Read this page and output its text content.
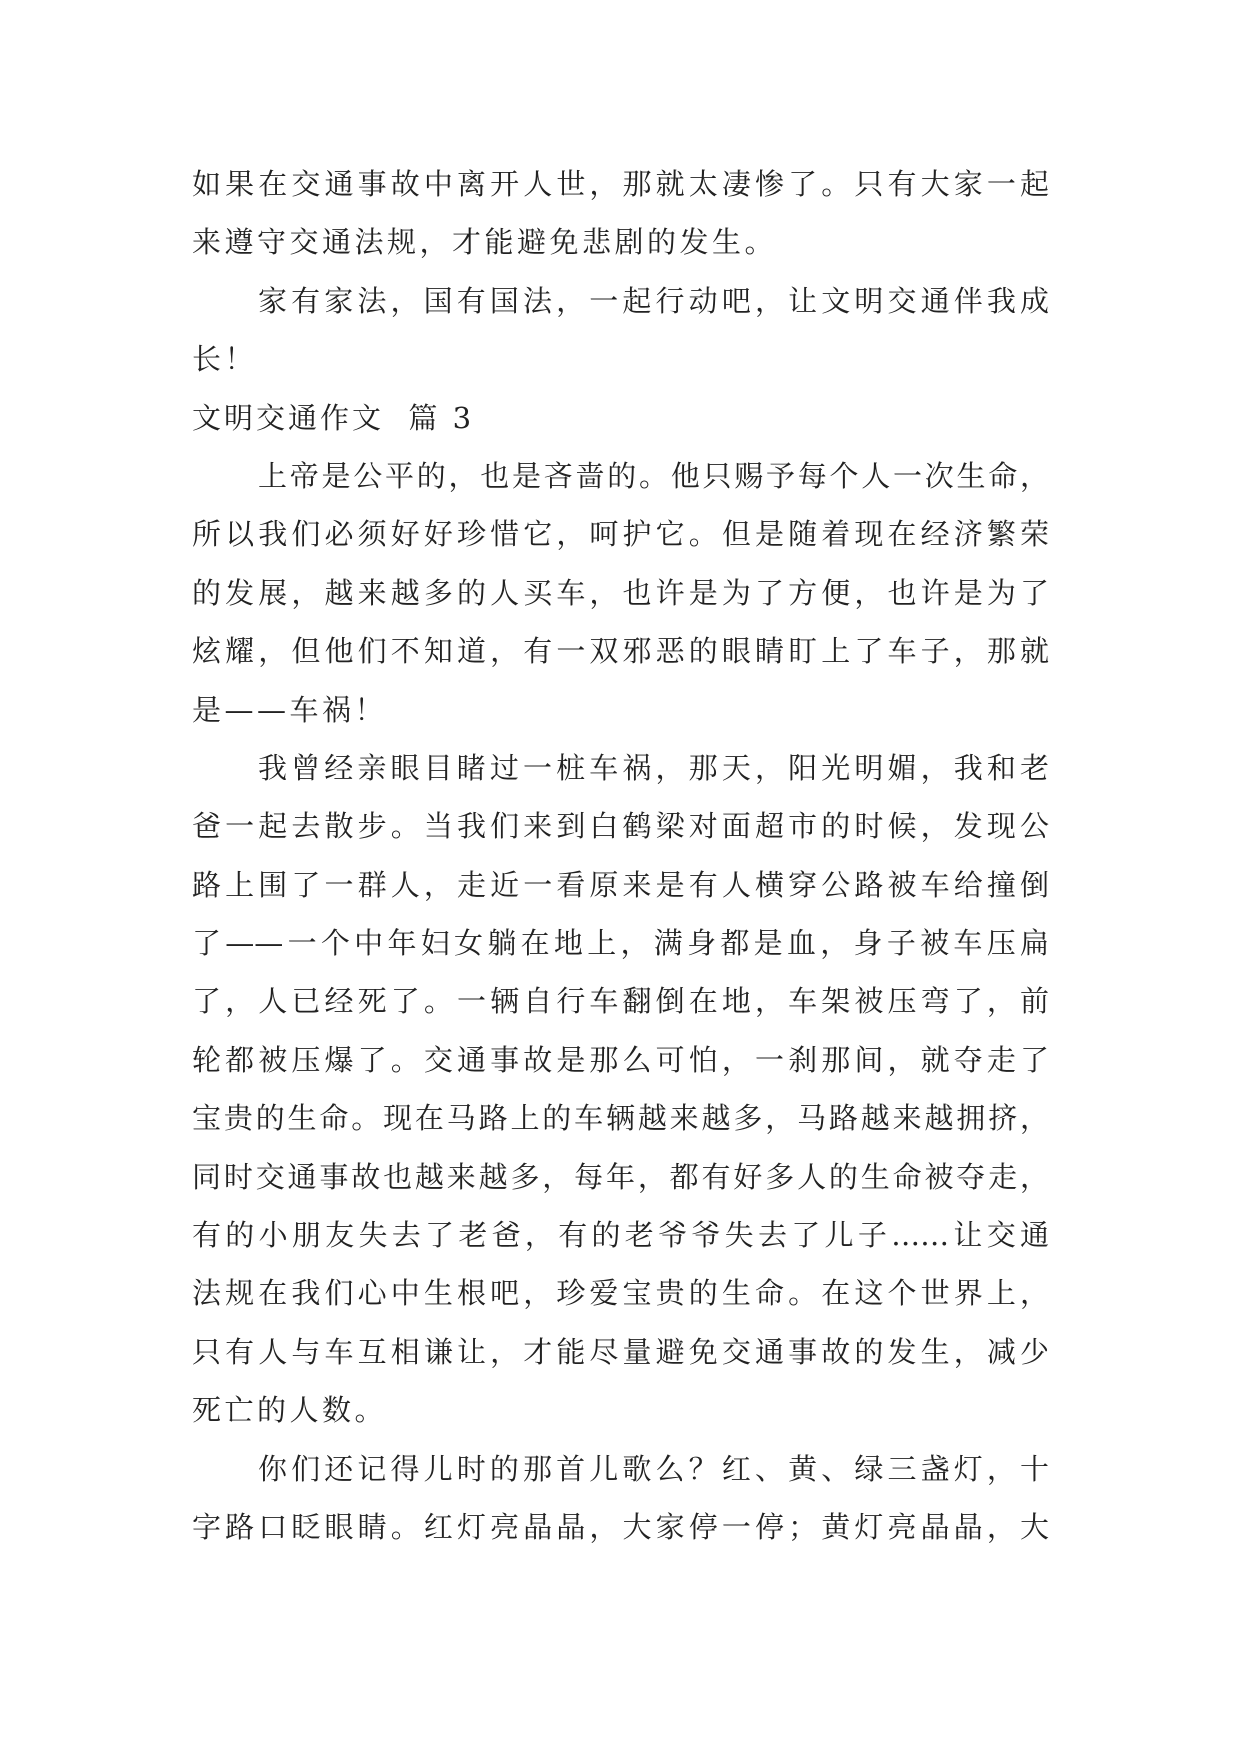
如果在交通事故中离开人世，那就太凄惨了。只有大家一起
来遵守交通法规，才能避免悲剧的发生。
家有家法，国有国法，一起行动吧，让文明交通伴我成
长！
文明交通作文  篇 3
上帝是公平的，也是吝啬的。他只赐予每个人一次生命，
所以我们必须好好珍惜它，呵护它。但是随着现在经济繁荣
的发展，越来越多的人买车，也许是为了方便，也许是为了
炫耀，但他们不知道，有一双邪恶的眼睛盯上了车子，那就
是——车祸！
我曾经亲眼目睹过一桩车祸，那天，阳光明媚，我和老
爸一起去散步。当我们来到白鹤梁对面超市的时候，发现公
路上围了一群人，走近一看原来是有人横穿公路被车给撞倒
了——一个中年妇女躺在地上，满身都是血，身子被车压扁
了，人已经死了。一辆自行车翻倒在地，车架被压弯了，前
轮都被压爆了。交通事故是那么可怕，一刹那间，就夺走了
宝贵的生命。现在马路上的车辆越来越多，马路越来越拥挤，
同时交通事故也越来越多，每年，都有好多人的生命被夺走，
有的小朋友失去了老爸，有的老爷爷失去了儿子……让交通
法规在我们心中生根吧，珍爱宝贵的生命。在这个世界上，
只有人与车互相谦让，才能尽量避免交通事故的发生，减少
死亡的人数。
你们还记得儿时的那首儿歌么？红、黄、绿三盏灯，十
字路口眨眼睛。红灯亮晶晶，大家停一停；黄灯亮晶晶，大
